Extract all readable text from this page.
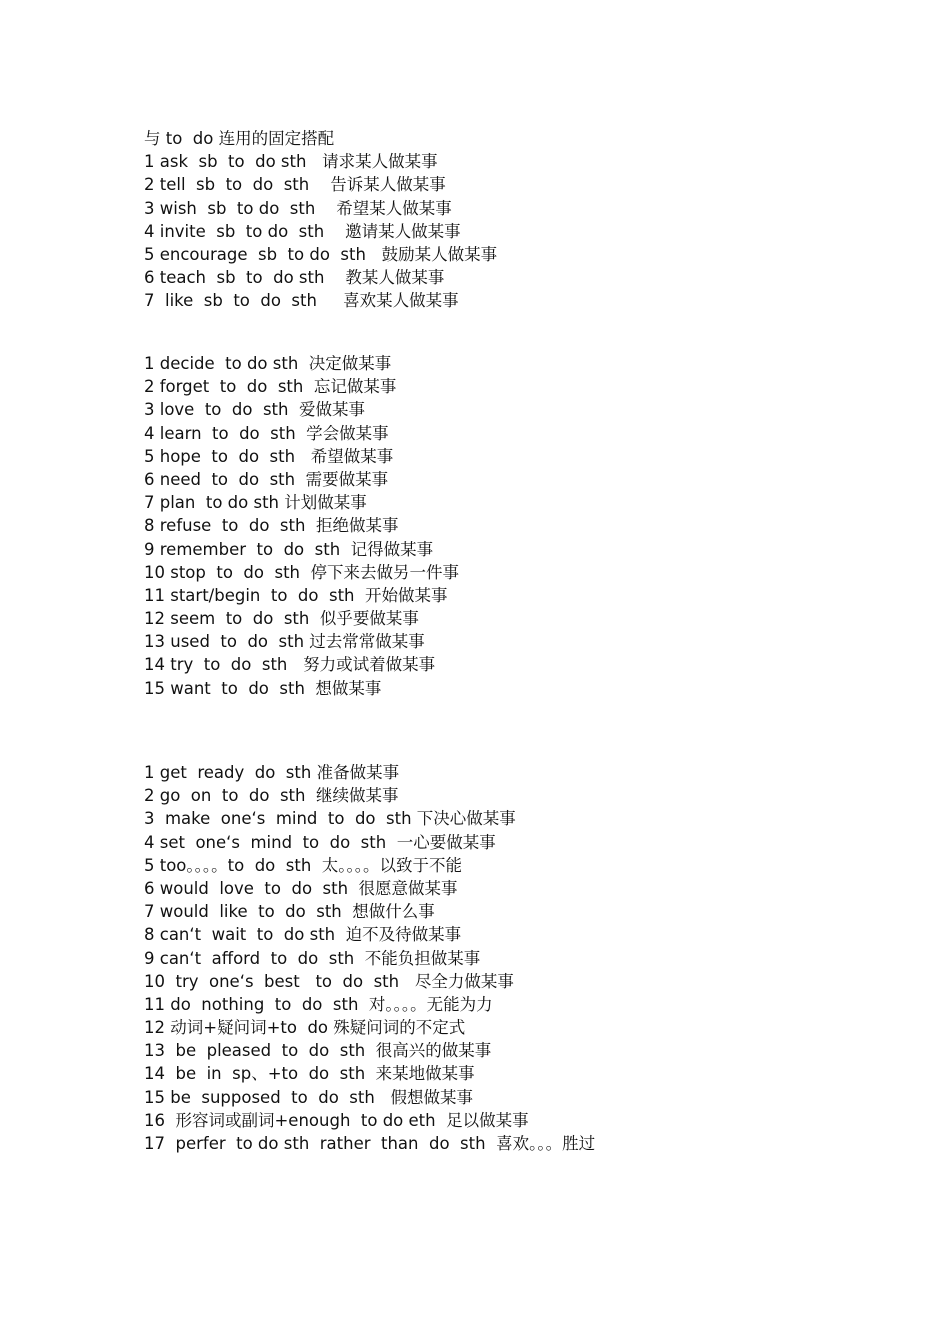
与 to  do 连用的固定搭配

1 ask  sb  to  do sth   请求某人做某事

2 tell  sb  to  do  sth    告诉某人做某事

3 wish  sb  to do  sth    希望某人做某事

4 invite  sb  to do  sth    邀请某人做某事

5 encourage  sb  to do  sth   鼓励某人做某事

6 teach  sb  to  do sth    教某人做某事

7  like  sb  to  do  sth     喜欢某人做某事

1 decide  to do sth  决定做某事

2 forget  to  do  sth  忘记做某事

3 love  to  do  sth  爱做某事

4 learn  to  do  sth  学会做某事

5 hope  to  do  sth   希望做某事

6 need  to  do  sth  需要做某事

7 plan  to do sth 计划做某事

8 refuse  to  do  sth  拒绝做某事

9 remember  to  do  sth  记得做某事

10 stop  to  do  sth  停下来去做另一件事

11 start/begin  to  do  sth  开始做某事

12 seem  to  do  sth  似乎要做某事

13 used  to  do  sth 过去常常做某事

14 try  to  do  sth   努力或试着做某事

15 want  to  do  sth  想做某事

1 get  ready  do  sth 准备做某事

2 go  on  to  do  sth  继续做某事

3  make  one‘s  mind  to  do  sth 下决心做某事

4 set  one‘s  mind  to  do  sth  一心要做某事

5 too。。。。to  do  sth  太。。。。以致于不能

6 would  love  to  do  sth  很愿意做某事

7 would  like  to  do  sth  想做什么事

8 can‘t  wait  to  do sth  迫不及待做某事

9 can‘t  afford  to  do  sth  不能负担做某事

10  try  one‘s  best   to  do  sth   尽全力做某事

11 do  nothing  to  do  sth  对。。。。无能为力

12 动词+疑问词+to  do 殊疑问词的不定式

13  be  pleased  to  do  sth  很高兴的做某事

14  be  in  sp、+to  do  sth  来某地做某事

15 be  supposed  to  do  sth   假想做某事

16  形容词或副词+enough  to do eth  足以做某事

17  perfer  to do sth  rather  than  do  sth  喜欢。。。胜过
